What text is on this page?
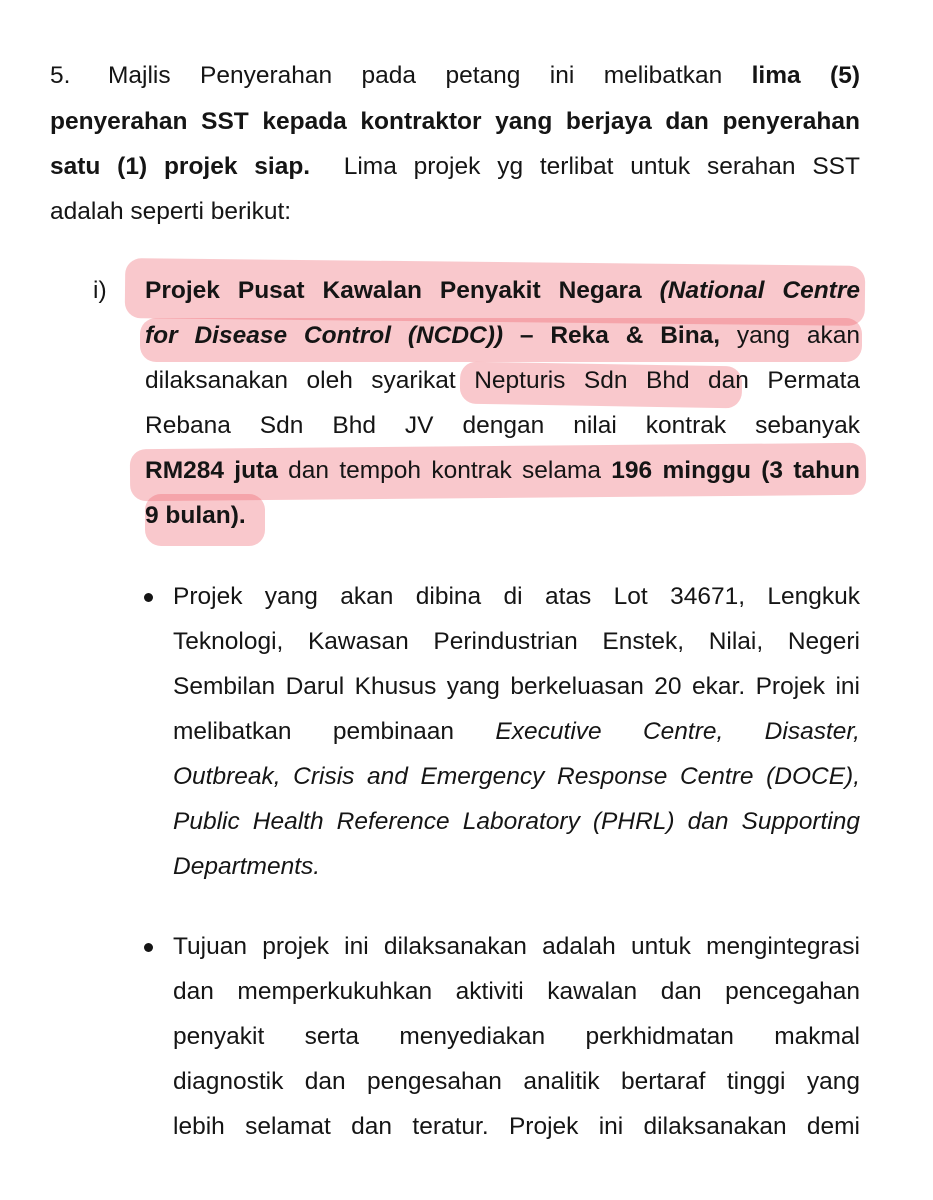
5. Majlis Penyerahan pada petang ini melibatkan lima (5)
penyerahan SST kepada kontraktor yang berjaya dan penyerahan
satu (1) projek siap. Lima projek yg terlibat untuk serahan SST
adalah seperti berikut:
i) Projek Pusat Kawalan Penyakit Negara (National Centre
for Disease Control (NCDC)) – Reka & Bina, yang akan
dilaksanakan oleh syarikat Nepturis Sdn Bhd dan Permata
Rebana Sdn Bhd JV dengan nilai kontrak sebanyak
RM284 juta dan tempoh kontrak selama 196 minggu (3 tahun
9 bulan).
Projek yang akan dibina di atas Lot 34671, Lengkuk
Teknologi, Kawasan Perindustrian Enstek, Nilai, Negeri
Sembilan Darul Khusus yang berkeluasan 20 ekar. Projek ini
melibatkan pembinaan Executive Centre, Disaster,
Outbreak, Crisis and Emergency Response Centre (DOCE),
Public Health Reference Laboratory (PHRL) dan Supporting
Departments.
Tujuan projek ini dilaksanakan adalah untuk mengintegrasi
dan memperkukuhkan aktiviti kawalan dan pencegahan
penyakit serta menyediakan perkhidmatan makmal
diagnostik dan pengesahan analitik bertaraf tinggi yang
lebih selamat dan teratur. Projek ini dilaksanakan demi
